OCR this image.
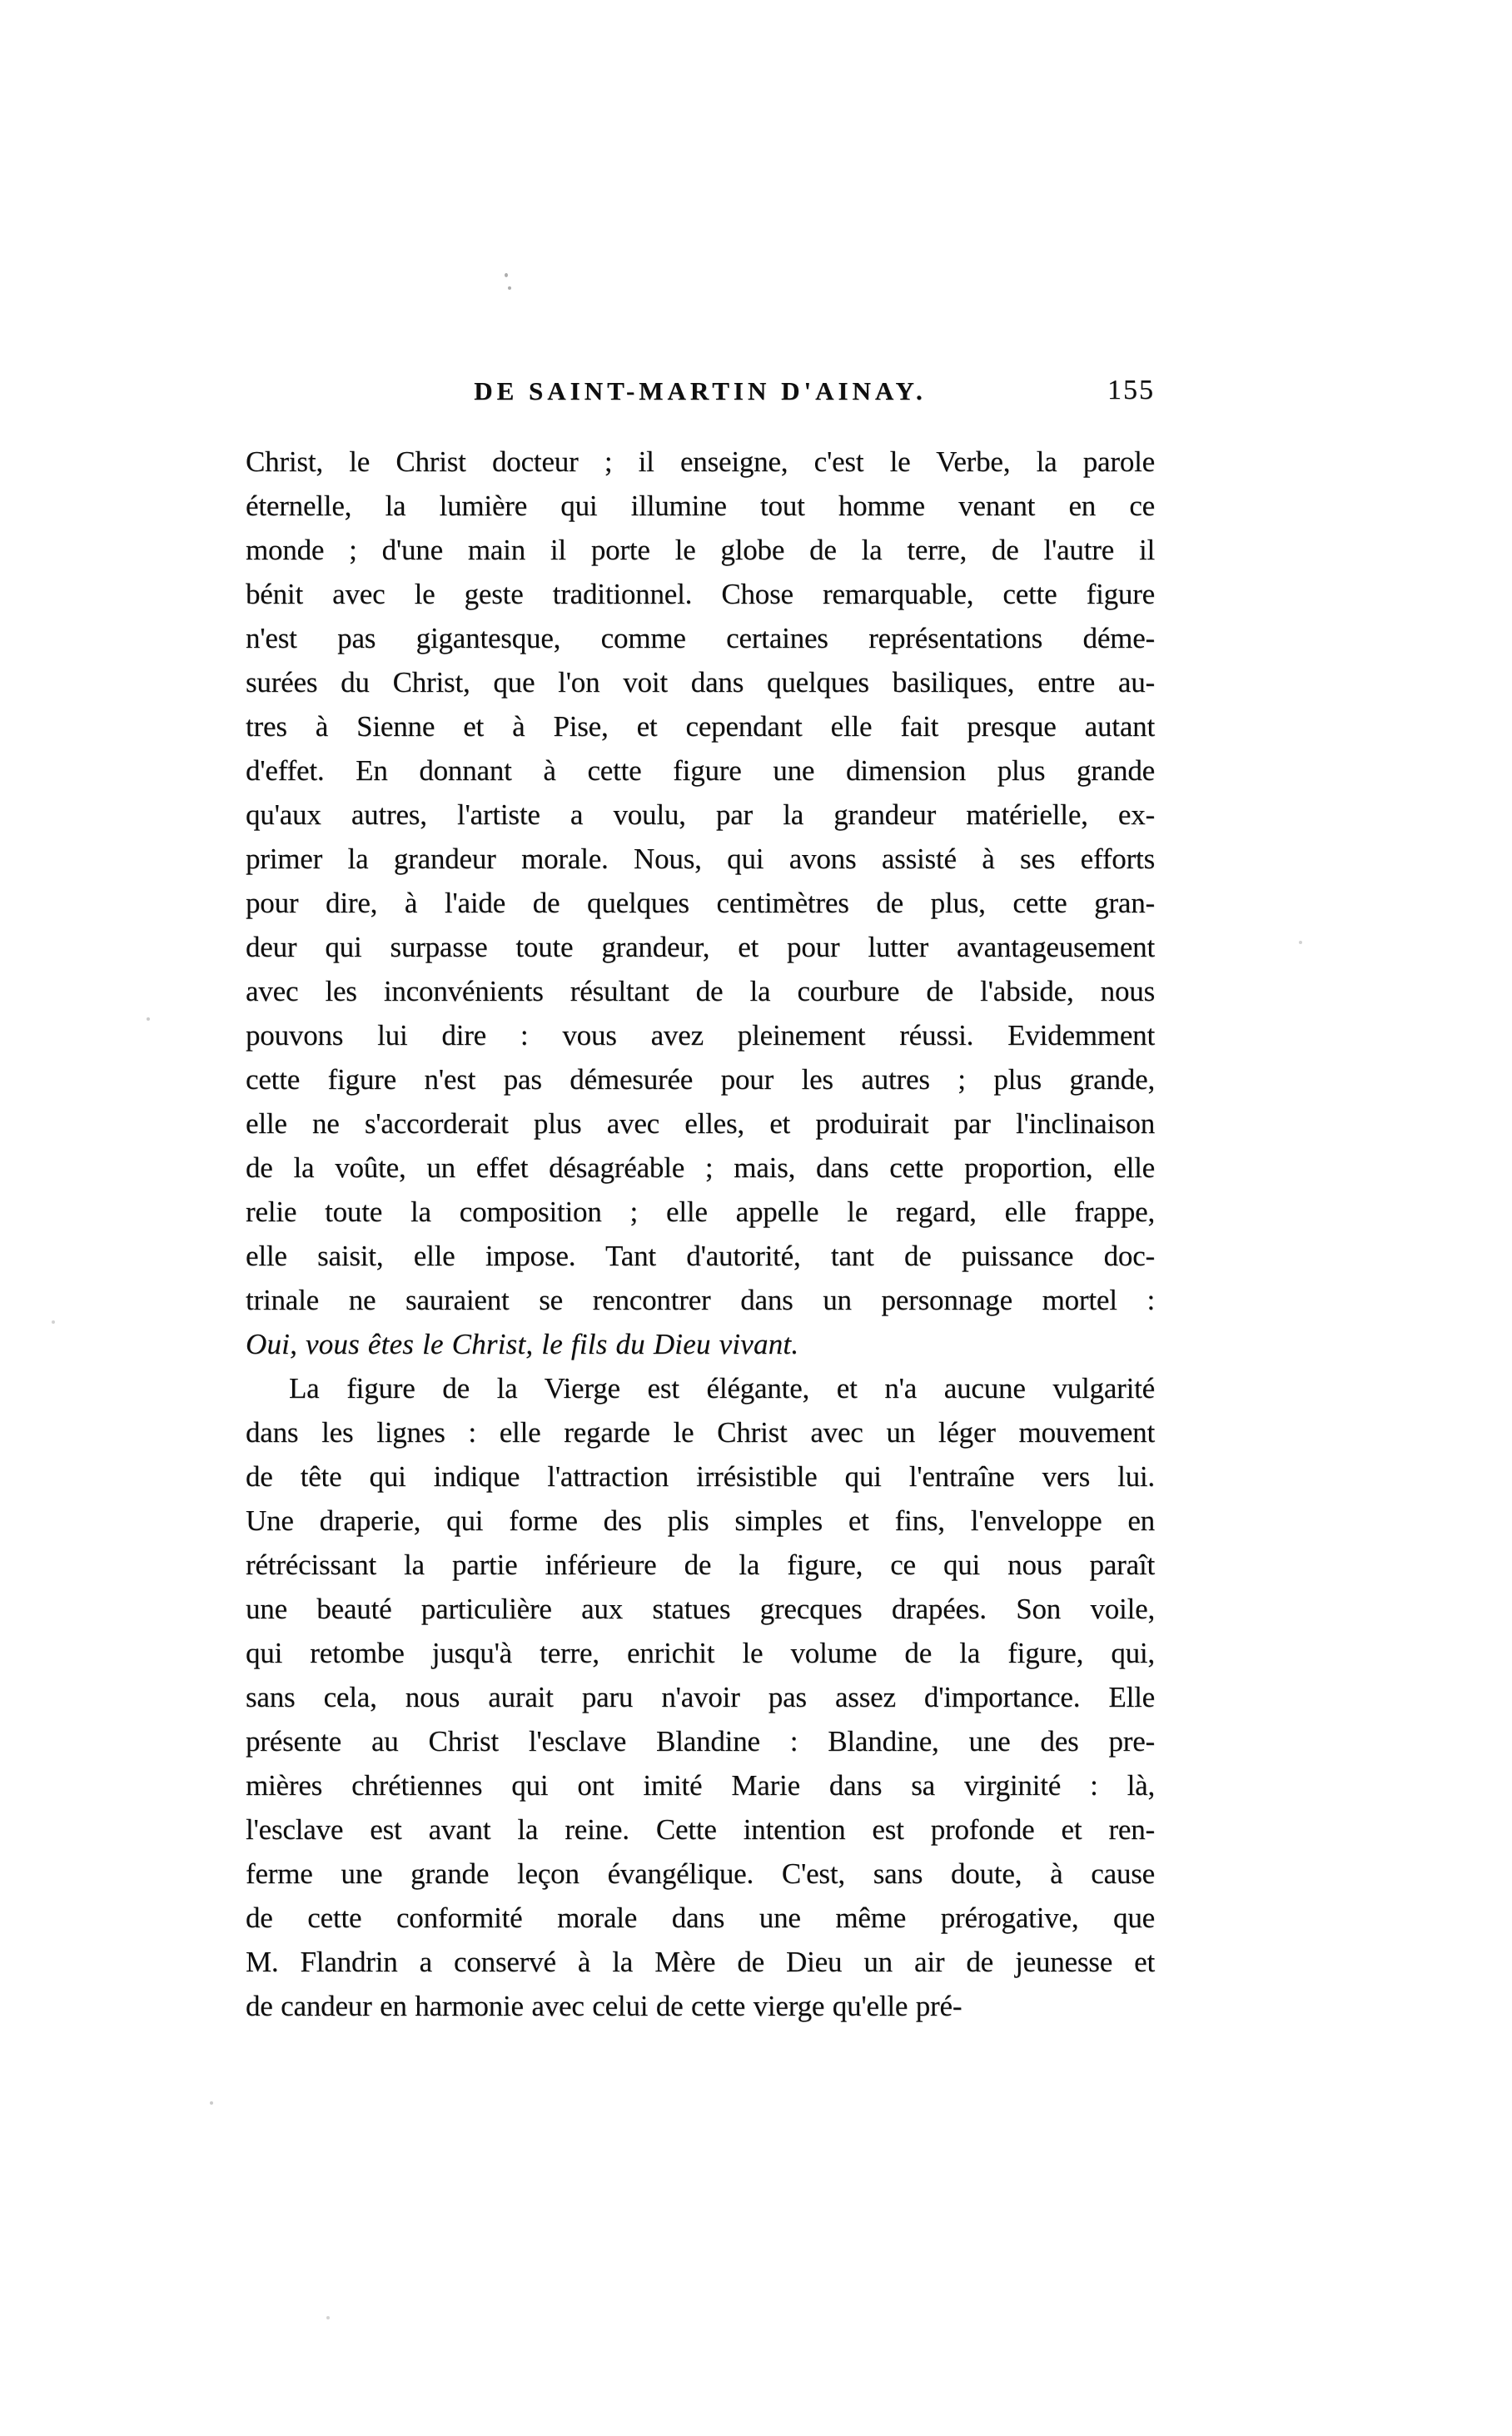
DE SAINT-MARTIN D'AINAY.	155
Christ, le Christ docteur ; il enseigne, c'est le Verbe, la parole
éternelle, la lumière qui illumine tout homme venant en ce
monde ; d'une main il porte le globe de la terre, de l'autre il
bénit avec le geste traditionnel. Chose remarquable, cette figure
n'est pas gigantesque, comme certaines représentations déme-
surées du Christ, que l'on voit dans quelques basiliques, entre au-
tres à Sienne et à Pise, et cependant elle fait presque autant
d'effet. En donnant à cette figure une dimension plus grande
qu'aux autres, l'artiste a voulu, par la grandeur matérielle, ex-
primer la grandeur morale. Nous, qui avons assisté à ses efforts
pour dire, à l'aide de quelques centimètres de plus, cette gran-
deur qui surpasse toute grandeur, et pour lutter avantageusement
avec les inconvénients résultant de la courbure de l'abside, nous
pouvons lui dire : vous avez pleinement réussi. Evidemment
cette figure n'est pas démesurée pour les autres ; plus grande,
elle ne s'accorderait plus avec elles, et produirait par l'inclinaison
de la voûte, un effet désagréable ; mais, dans cette proportion, elle
relie toute la composition ; elle appelle le regard, elle frappe,
elle saisit, elle impose. Tant d'autorité, tant de puissance doc-
trinale ne sauraient se rencontrer dans un personnage mortel :
Oui, vous êtes le Christ, le fils du Dieu vivant.
La figure de la Vierge est élégante, et n'a aucune vulgarité
dans les lignes : elle regarde le Christ avec un léger mouvement
de tête qui indique l'attraction irrésistible qui l'entraîne vers lui.
Une draperie, qui forme des plis simples et fins, l'enveloppe en
rétrécissant la partie inférieure de la figure, ce qui nous paraît
une beauté particulière aux statues grecques drapées. Son voile,
qui retombe jusqu'à terre, enrichit le volume de la figure, qui,
sans cela, nous aurait paru n'avoir pas assez d'importance. Elle
présente au Christ l'esclave Blandine : Blandine, une des pre-
mières chrétiennes qui ont imité Marie dans sa virginité : là,
l'esclave est avant la reine. Cette intention est profonde et ren-
ferme une grande leçon évangélique. C'est, sans doute, à cause
de cette conformité morale dans une même prérogative, que
M. Flandrin a conservé à la Mère de Dieu un air de jeunesse et
de candeur en harmonie avec celui de cette vierge qu'elle pré-
